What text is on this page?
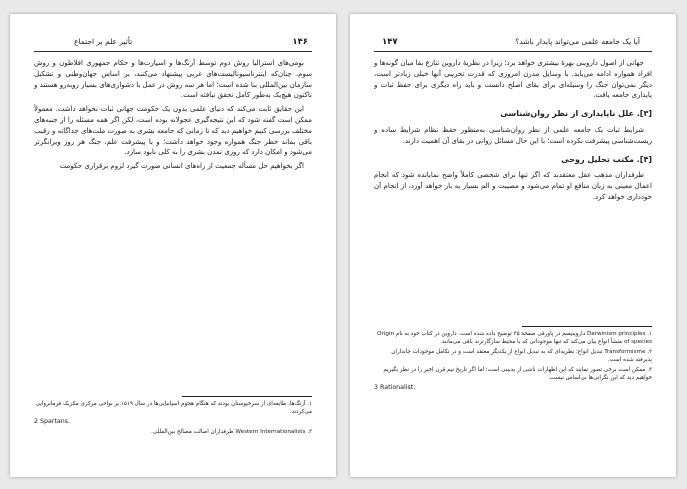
۱۴۶
تأثیر علم بر اجتماع

بومی‌های استرالیا روش دوم توسط آرتگ‌ها و اسپارت‌ها و حکام جمهوری افلاطون و روش سوم، چنان‌که اینترناسیونالیست‌های غربی پیشنهاد می‌کنند، بر اساس جهان‌وطنی و تشکیل سازمان بین‌المللی بنا شده است؛ اما هر سه روش در عمل با دشواری‌های بسیار روبه‌رو هستند و تاکنون هیچ‌یک به‌طور کامل تحقق نیافته است.

این حقایق ثابت می‌کند که دنیای علمی بدون یک حکومت جهانی ثبات نخواهد داشت. معمولاً ممکن است گفته شود که این نتیجه‌گیری عجولانه بوده است، لکن اگر همه مسئله را از جنبه‌های مختلف بررسی کنیم خواهیم دید که تا زمانی که جامعه بشری به صورت ملت‌های جداگانه و رقیب باقی بماند خطر جنگ همواره وجود خواهد داشت؛ و با پیشرفت علم، جنگ هر روز ویرانگرتر می‌شود و امکان دارد که روزی تمدن بشری را به کلی نابود سازد.

اگر بخواهیم حل مسأله جمعیت از راه‌های انسانی صورت گیرد لزوم برقراری حکومت

۱. آرتگ‌ها، طایفه‌ای از سرخپوستان بودند که هنگام هجوم اسپانیایی‌ها در سال ۱۵۱۹ بر نواحی مرکزی مکزیک فرمانروایی می‌کردند.
2 Spartans.
۳. Western Internationalists طرفداران اصالت مصالح بین‌المللی.
۱۴۷	آیا یک جامعه علمی می‌تواند پایدار باشد؟

جهانی از اصول داروینی بهرهٔ بیشتری خواهد برد؛ زیرا در نظریهٔ داروین تنازع بقا میان گونه‌ها و افراد همواره ادامه می‌یابد. با وسایل مدرن امروزی که قدرت تخریبی آنها خیلی زیادتر است، دیگر نمی‌توان جنگ را وسیله‌ای برای بقای اصلح دانست و باید راه دیگری برای حفظ ثبات و پایداری جامعه یافت.

[۳]. علل ناپایداری از نظر روان‌شناسی

شرایط ثبات یک جامعه علمی از نظر روان‌شناسی به‌منظور حفظ نظام شرایط ساده و زیست‌شناسی پیشرفت نکرده است؛ با این حال مسائل روانی در بقای آن اهمیت دارند.

[۴]. مکتب تحلیل روحی

طرفداران مذهب عقل معتقدند که اگر تنها برای شخصی کاملاً واضح نمایانده شود که انجام اعمال معینی به زیان منافع او تمام می‌شود و مصیبت و الم بسیار به بار خواهد آورد، از انجام آن خودداری خواهد کرد.

۱. Darwinism principles داروینیسم در پاورقی صفحهٔ ۳۵ توضیح داده شده است. داروین در کتاب خود به نام Origin of species منشأ انواع بیان می‌کند که تنها موجوداتی که با محیط سازگارترند باقی می‌مانند.
۲. Transformisme تبدیل انواع؛ نظریه‌ای که به تبدیل انواع از یکدیگر معتقد است و در تکامل موجودات جانداران پذیرفته شده است.
۳. ممکن است برخی تصور نمایند که این اظهارات ناشی از بدبینی است؛ اما اگر تاریخ نیم قرن اخیر را در نظر بگیریم خواهیم دید که این نگرانی‌ها بی‌اساس نیست.
3 Rationalist.
